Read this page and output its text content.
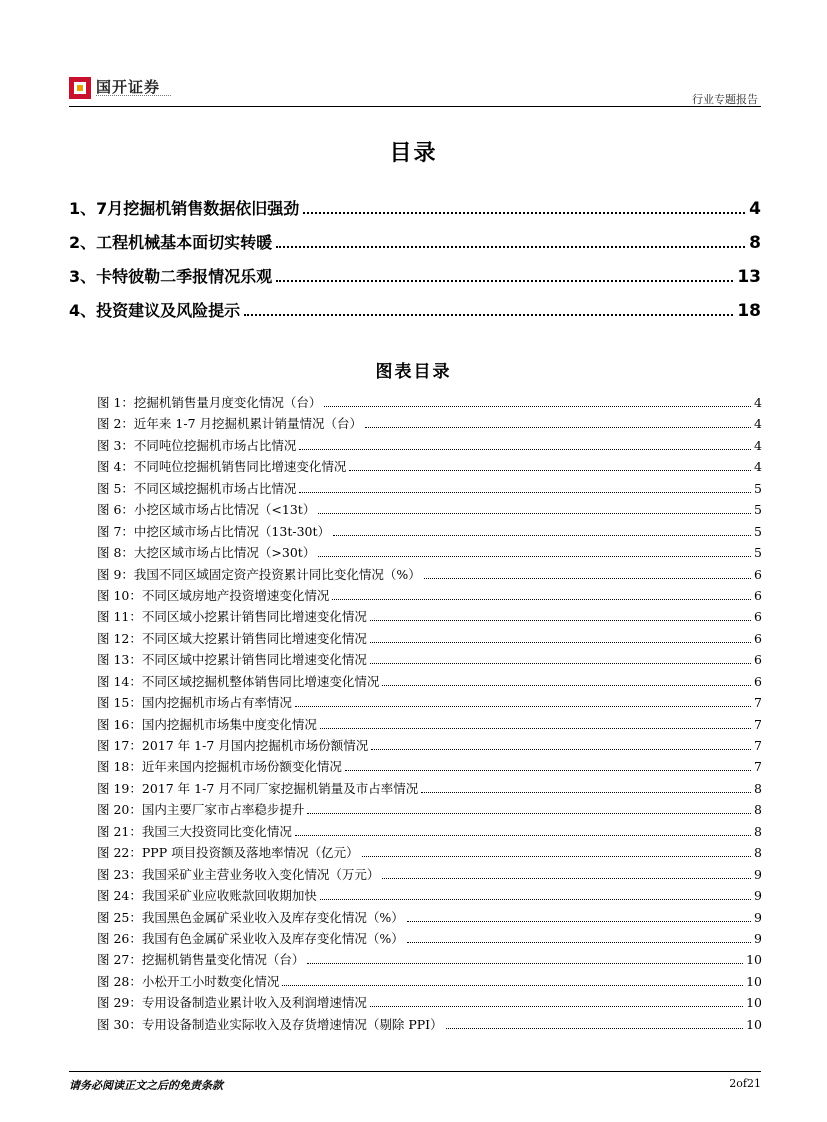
国开证券
行业专题报告
目录
1、7月挖掘机销售数据依旧强劲	4
2、工程机械基本面切实转暖	8
3、卡特彼勒二季报情况乐观	13
4、投资建议及风险提示	18
图表目录
图 1：挖掘机销售量月度变化情况（台）	4
图 2：近年来 1-7 月挖掘机累计销量情况（台）	4
图 3：不同吨位挖掘机市场占比情况	4
图 4：不同吨位挖掘机销售同比增速变化情况	4
图 5：不同区域挖掘机市场占比情况	5
图 6：小挖区域市场占比情况（<13t）	5
图 7：中挖区域市场占比情况（13t-30t）	5
图 8：大挖区域市场占比情况（>30t）	5
图 9：我国不同区域固定资产投资累计同比变化情况（%）	6
图 10：不同区域房地产投资增速变化情况	6
图 11：不同区域小挖累计销售同比增速变化情况	6
图 12：不同区域大挖累计销售同比增速变化情况	6
图 13：不同区域中挖累计销售同比增速变化情况	6
图 14：不同区域挖掘机整体销售同比增速变化情况	6
图 15：国内挖掘机市场占有率情况	7
图 16：国内挖掘机市场集中度变化情况	7
图 17：2017 年 1-7 月国内挖掘机市场份额情况	7
图 18：近年来国内挖掘机市场份额变化情况	7
图 19：2017 年 1-7 月不同厂家挖掘机销量及市占率情况	8
图 20：国内主要厂家市占率稳步提升	8
图 21：我国三大投资同比变化情况	8
图 22：PPP 项目投资额及落地率情况（亿元）	8
图 23：我国采矿业主营业务收入变化情况（万元）	9
图 24：我国采矿业应收账款回收期加快	9
图 25：我国黑色金属矿采业收入及库存变化情况（%）	9
图 26：我国有色金属矿采业收入及库存变化情况（%）	9
图 27：挖掘机销售量变化情况（台）	10
图 28：小松开工小时数变化情况	10
图 29：专用设备制造业累计收入及利润增速情况	10
图 30：专用设备制造业实际收入及存货增速情况（剔除 PPI）	10
请务必阅读正文之后的免责条款	2of21
